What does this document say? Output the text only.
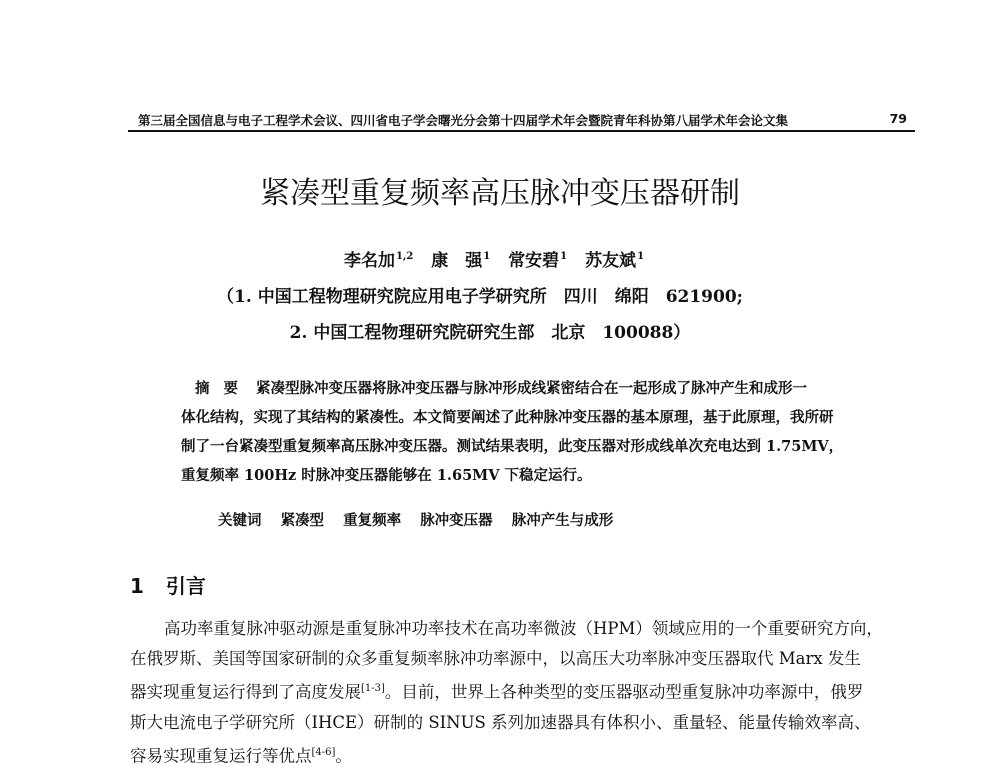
第三届全国信息与电子工程学术会议、四川省电子学会曙光分会第十四届学术年会暨院青年科协第八届学术年会论文集	79
紧凑型重复频率高压脉冲变压器研制
李名加$^{1,2}$ 康　强$^1$ 常安碧$^1$ 苏友斌$^1$
（1. 中国工程物理研究院应用电子学研究所　四川　绵阳　621900;
2. 中国工程物理研究院研究生部　北京　100088）

摘要 紧凑型脉冲变压器将脉冲变压器与脉冲形成线紧密结合在一起形成了脉冲产生和成形一

体化结构，实现了其结构的紧凑性。本文简要阐述了此种脉冲变压器的基本原理，基于此原理，我所研

制了一台紧凑型重复频率高压脉冲变压器。测试结果表明，此变压器对形成线单次充电达到 1.75MV，

重复频率 100Hz 时脉冲变压器能够在 1.65MV 下稳定运行。

关键词 紧凑型 重复频率 脉冲变压器 脉冲产生与成形
1 引言

高功率重复脉冲驱动源是重复脉冲功率技术在高功率微波（HPM）领域应用的一个重要研究方向，
在俄罗斯、美国等国家研制的众多重复频率脉冲功率源中，以高压大功率脉冲变压器取代 Marx 发生
器实现重复运行得到了高度发展[1-3]。目前，世界上各种类型的变压器驱动型重复脉冲功率源中，俄罗
斯大电流电子学研究所（IHCE）研制的 SINUS 系列加速器具有体积小、重量轻、能量传输效率高、
容易实现重复运行等优点[4-6]。
